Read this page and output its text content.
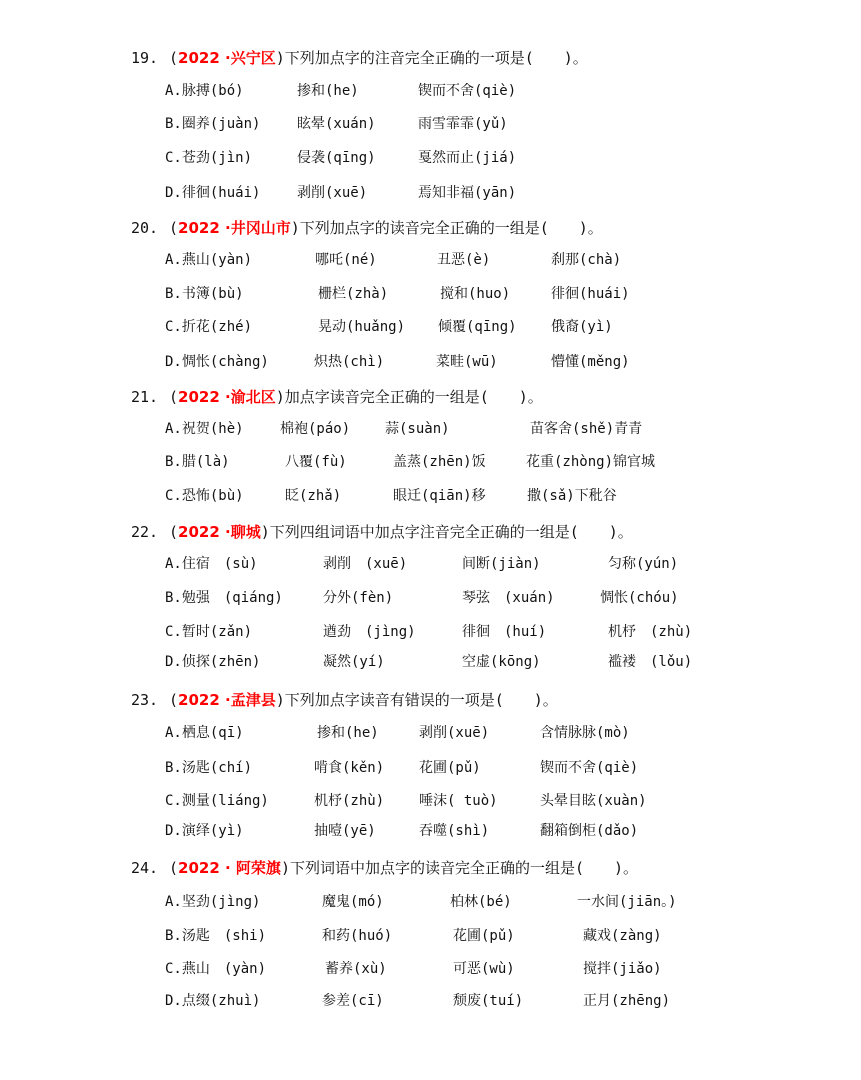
19. (2022 ·兴宁区)下列加点字的注音完全正确的一项是(　　)。
A.脉搏(bó)	掺和(he)	锲而不舍(qiè)
B.圈养(juàn)	眩晕(xuán)	雨雪霏霏(yǔ)
C.苍劲(jìn)	侵袭(qīng)	戛然而止(jiá)
D.徘徊(huái)	剥削(xuē)	焉知非福(yān)
20. (2022 ·井冈山市)下列加点字的读音完全正确的一组是(　　)。
A.燕山(yàn)	哪吒(né)	丑恶(è)	刹那(chà)
B.书簿(bù)	栅栏(zhà)	搅和(huo)	徘徊(huái)
C.折花(zhé)	晃动(huǎng) 倾覆(qīng) 俄裔(yì)
D.惆怅(chàng)	炽热(chì)	菜畦(wū)	懵懂(měng)
21. (2022 ·渝北区)加点字读音完全正确的一组是(　　)。
A.祝贺(hè)	棉袍(páo) 蒜(suàn)	苗客舍(shě)青青
B.腊(là)	八覆(fù)	盖蒸(zhēn)饭	花重(zhòng)锦官城
C.恐怖(bù)	眨(zhǎ)	眼迁(qiān)移	撒(sǎ)下秕谷
22. (2022 ·聊城)下列四组词语中加点字注音完全正确的一组是(　　)。
A.住宿　(sù)	剥削　(xuē)	间断(jiàn)	匀称(yún)
B.勉强　(qiáng)	分外(fèn)	琴弦　(xuán)	惆怅(chóu)
C.暂时(zǎn)	遒劲　(jìng)	徘徊　(huí)	机杼　(zhù)
D.侦探(zhēn)	凝然(yí)	空虚(kōng)	褴褛　(lǒu)
23. (2022 ·孟津县)下列加点字读音有错误的一项是(　　)。
A.栖息(qī)	掺和(he)	剥削(xuē)	含情脉脉(mò)
B.汤匙(chí)	啃食(kěn) 花圃(pǔ)	锲而不舍(qiè)
C.测量(liáng)	机杼(zhù) 唾沫( tuò)	头晕目眩(xuàn)
D.演绎(yì)	抽噎(yē)	吞噬(shì)	翻箱倒柜(dǎo)
24. (2022 · 阿荣旗)下列词语中加点字的读音完全正确的一组是(　　)。
A.坚劲(jìng)	魔鬼(mó)	柏林(bé)	一水间(jiān。)
B.汤匙　(shi)	和药(huó)	花圃(pǔ)	藏戏(zàng)
C.燕山　(yàn)	蓄养(xù)	可恶(wù)	搅拌(jiǎo)
D.点缀(zhuì)	参差(cī)	颓废(tuí)	正月(zhēng)
